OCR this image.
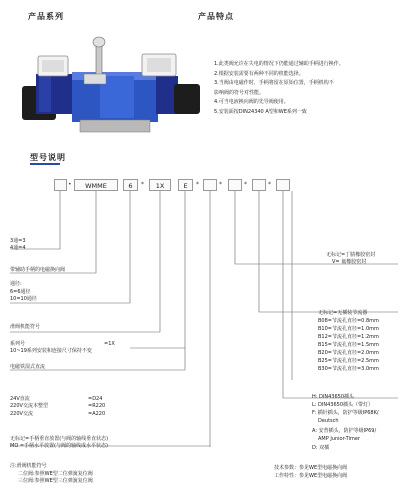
产品系列	产品特点
型号说明
1.此类阀允许在失电的情况下仍能通过辅助手柄进行换作。
2.根据安装需要有两种不同的机能选择。
3.当阀由电磁作时，手柄将留在原始位置，手柄机构不
影响阀的符号对性能。
4.可当电液换向阀的先导阀使用。
5.安装面按DIN24340 A型和WE系列一致
•	WMME	6	*	1X	E	*	*	*	*
3通=3
4通=4
带辅助手柄的电磁换向阀
通径:
6=6通径
10=10通径
滑阀机能符号
系列号	=1X
10~19系列安装和连接尺寸保持不变
电磁铁湿式直流
24V直流	=D24
220V交流本整型	=R220
220V交流	=A220
无标记=手柄垂直放置(与阀的轴线垂直状态)
MO =手柄水平放置(与阀的轴线成水平状态)
注:滑阀机能符号
二位阀:参照WE型二位弹簧复位阀
三位阀:参照WE型三位弹簧复位阀
无标记=丁腈橡胶密封
V= 氟橡胶密封
无标记=无插装节流器
B08=节流孔直径=0.8mm
B10=节流孔直径=1.0mm
B12=节流孔直径=1.2mm
B15=节流孔直径=1.5mm
B20=节流孔直径=2.0mm
B25=节流孔直径=2.5mm
B30=节流孔直径=3.0mm
H: DIN43650插头
L: DIN43650插头（带灯）
F: 插针插头，防护等级IP68K/
Deutsch
A: 安普插头，防护等级IP69/
AMP Junior-Timer
D: 双插
技术参数：参见WE型电磁换向阀
工作特性：参见WE型电磁换向阀
